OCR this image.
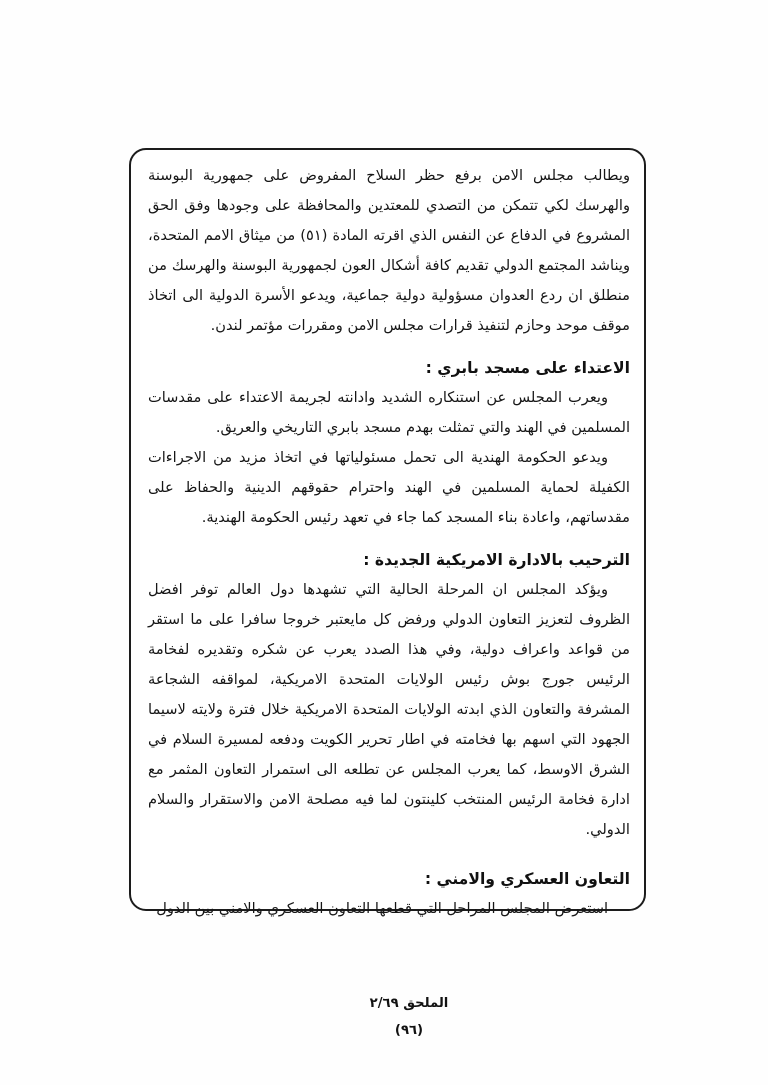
ويطالب مجلس الامن برفع حظر السلاح المفروض على جمهورية البوسنة والهرسك لكي تتمكن من التصدي للمعتدين والمحافظة على وجودها وفق الحق المشروع في الدفاع عن النفس الذي اقرته المادة (٥١) من ميثاق الامم المتحدة، ويناشد المجتمع الدولي تقديم كافة أشكال العون لجمهورية البوسنة والهرسك من منطلق ان ردع العدوان مسؤولية دولية جماعية، ويدعو الأسرة الدولية الى اتخاذ موقف موحد وحازم لتنفيذ قرارات مجلس الامن ومقررات مؤتمر لندن.

الاعتداء على مسجد بابري :

ويعرب المجلس عن استنكاره الشديد وادانته لجريمة الاعتداء على مقدسات المسلمين في الهند والتي تمثلت بهدم مسجد بابري التاريخي والعريق.

ويدعو الحكومة الهندية الى تحمل مسئولياتها في اتخاذ مزيد من الاجراءات الكفيلة لحماية المسلمين في الهند واحترام حقوقهم الدينية والحفاظ على مقدساتهم، واعادة بناء المسجد كما جاء في تعهد رئيس الحكومة الهندية.

الترحيب بالادارة الامريكية الجديدة :

ويؤكد المجلس ان المرحلة الحالية التي تشهدها دول العالم توفر افضل الظروف لتعزيز التعاون الدولي ورفض كل مايعتبر خروجا سافرا على ما استقر من قواعد واعراف دولية، وفي هذا الصدد يعرب عن شكره وتقديره لفخامة الرئيس جورج بوش رئيس الولايات المتحدة الامريكية، لمواقفه الشجاعة المشرفة والتعاون الذي ابدته الولايات المتحدة الامريكية خلال فترة ولايته لاسيما الجهود التي اسهم بها فخامته في اطار تحرير الكويت ودفعه لمسيرة السلام في الشرق الاوسط، كما يعرب المجلس عن تطلعه الى استمرار التعاون المثمر مع ادارة فخامة الرئيس المنتخب كلينتون لما فيه مصلحة الامن والاستقرار والسلام الدولي.

التعاون العسكري والامني :

استعرض المجلس المراحل التي قطعها التعاون العسكري والامني بين الدول

الملحق ٢/٦٩
(٩٦)
